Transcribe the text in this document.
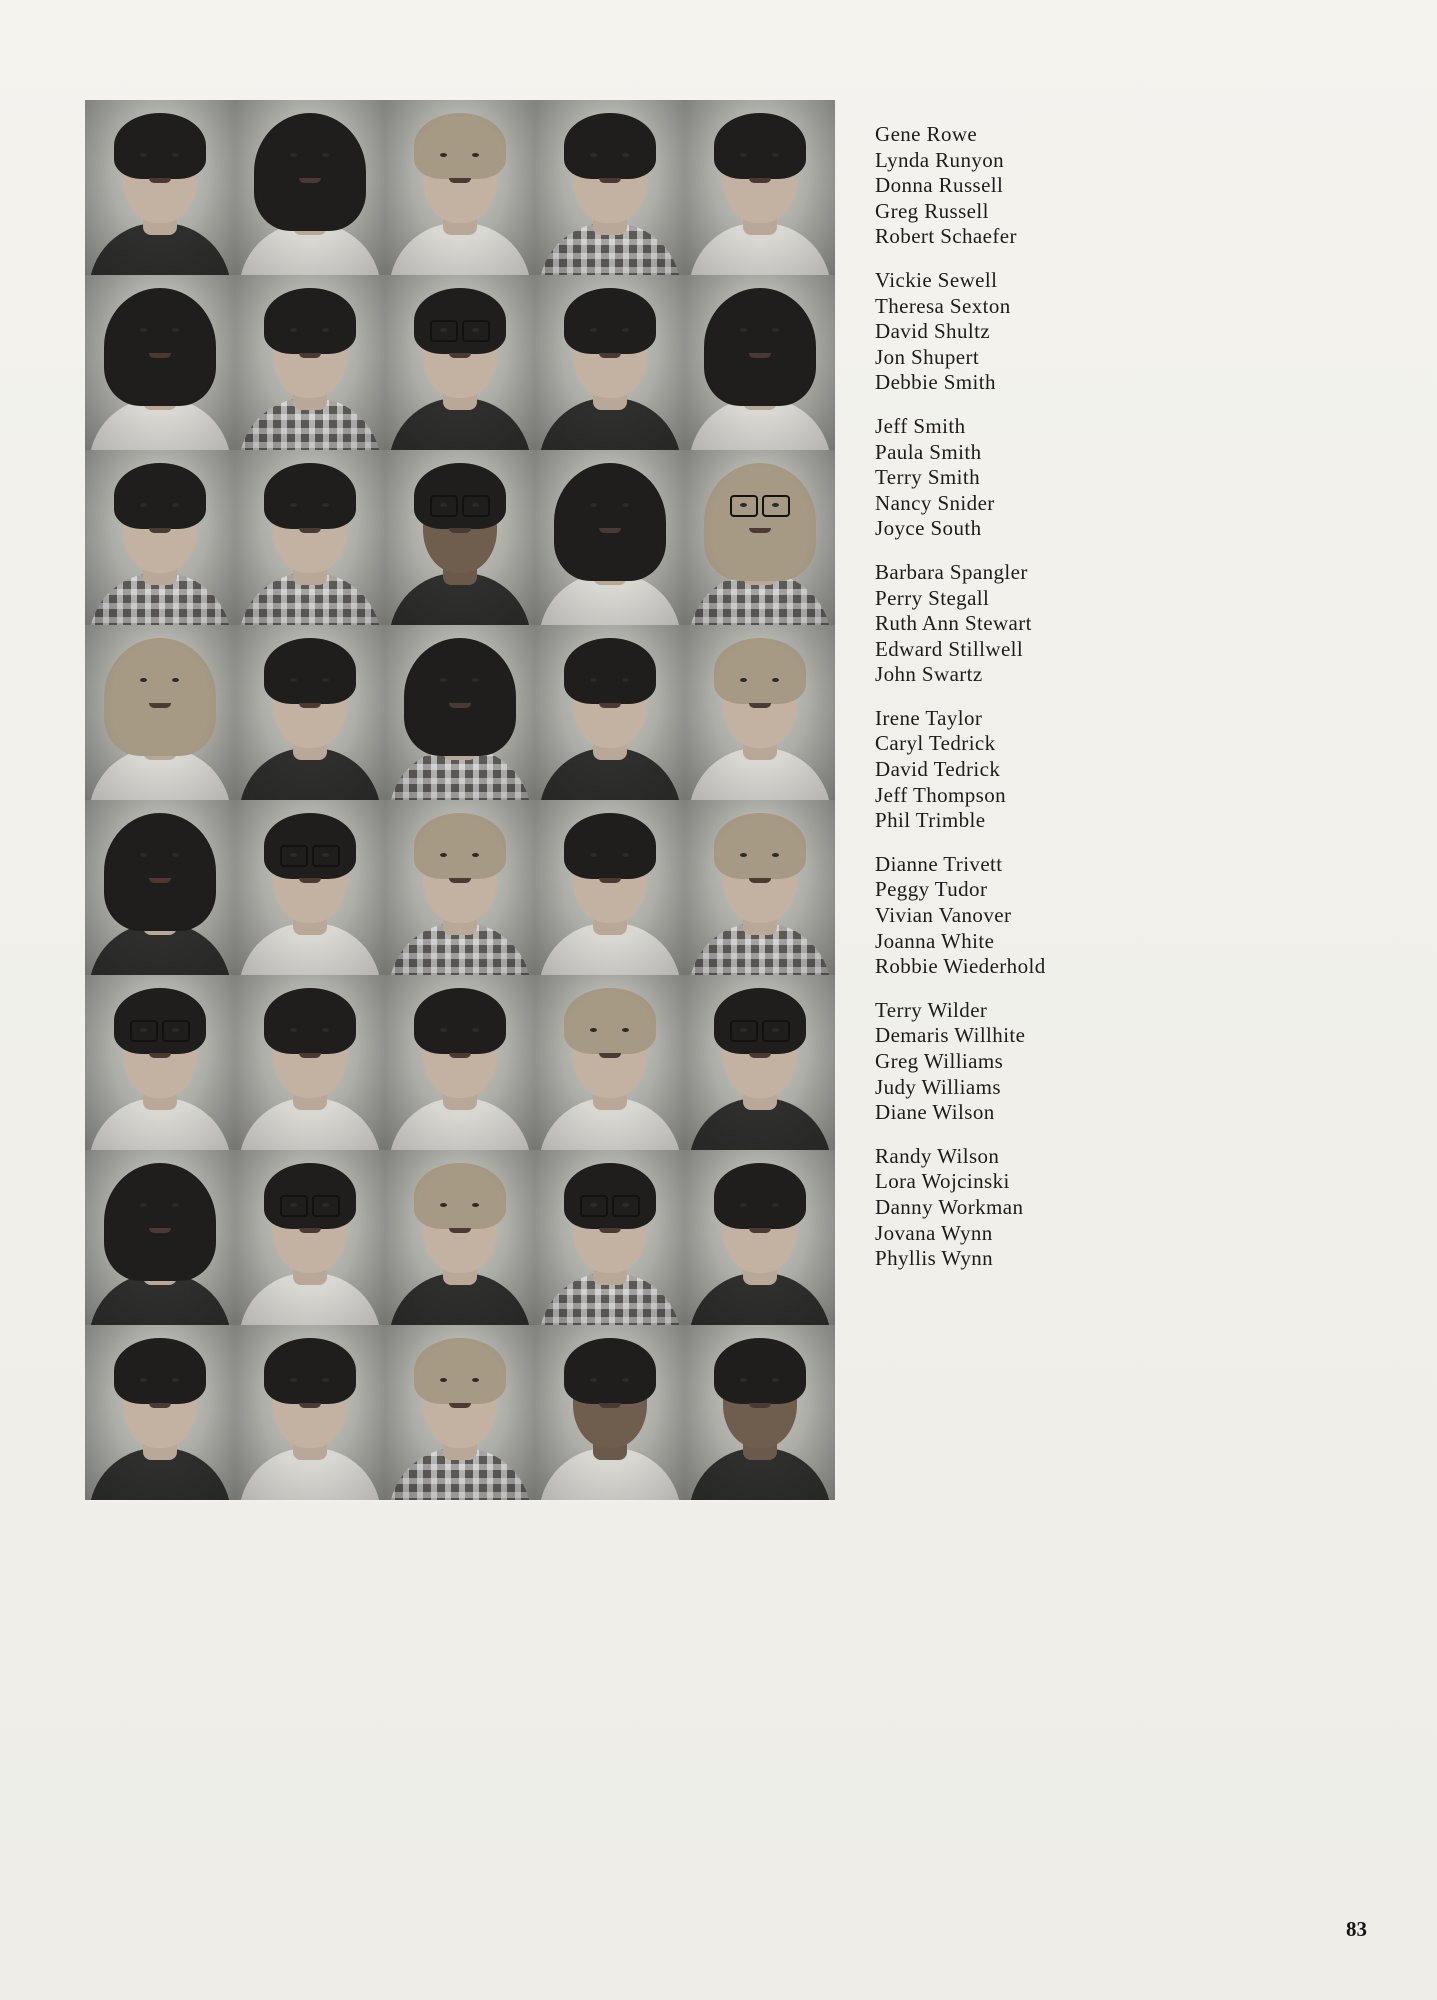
Gene Rowe
Lynda Runyon
Donna Russell
Greg Russell
Robert Schaefer
Vickie Sewell
Theresa Sexton
David Shultz
Jon Shupert
Debbie Smith
Jeff Smith
Paula Smith
Terry Smith
Nancy Snider
Joyce South
Barbara Spangler
Perry Stegall
Ruth Ann Stewart
Edward Stillwell
John Swartz
Irene Taylor
Caryl Tedrick
David Tedrick
Jeff Thompson
Phil Trimble
Dianne Trivett
Peggy Tudor
Vivian Vanover
Joanna White
Robbie Wiederhold
Terry Wilder
Demaris Willhite
Greg Williams
Judy Williams
Diane Wilson
Randy Wilson
Lora Wojcinski
Danny Workman
Jovana Wynn
Phyllis Wynn
83
